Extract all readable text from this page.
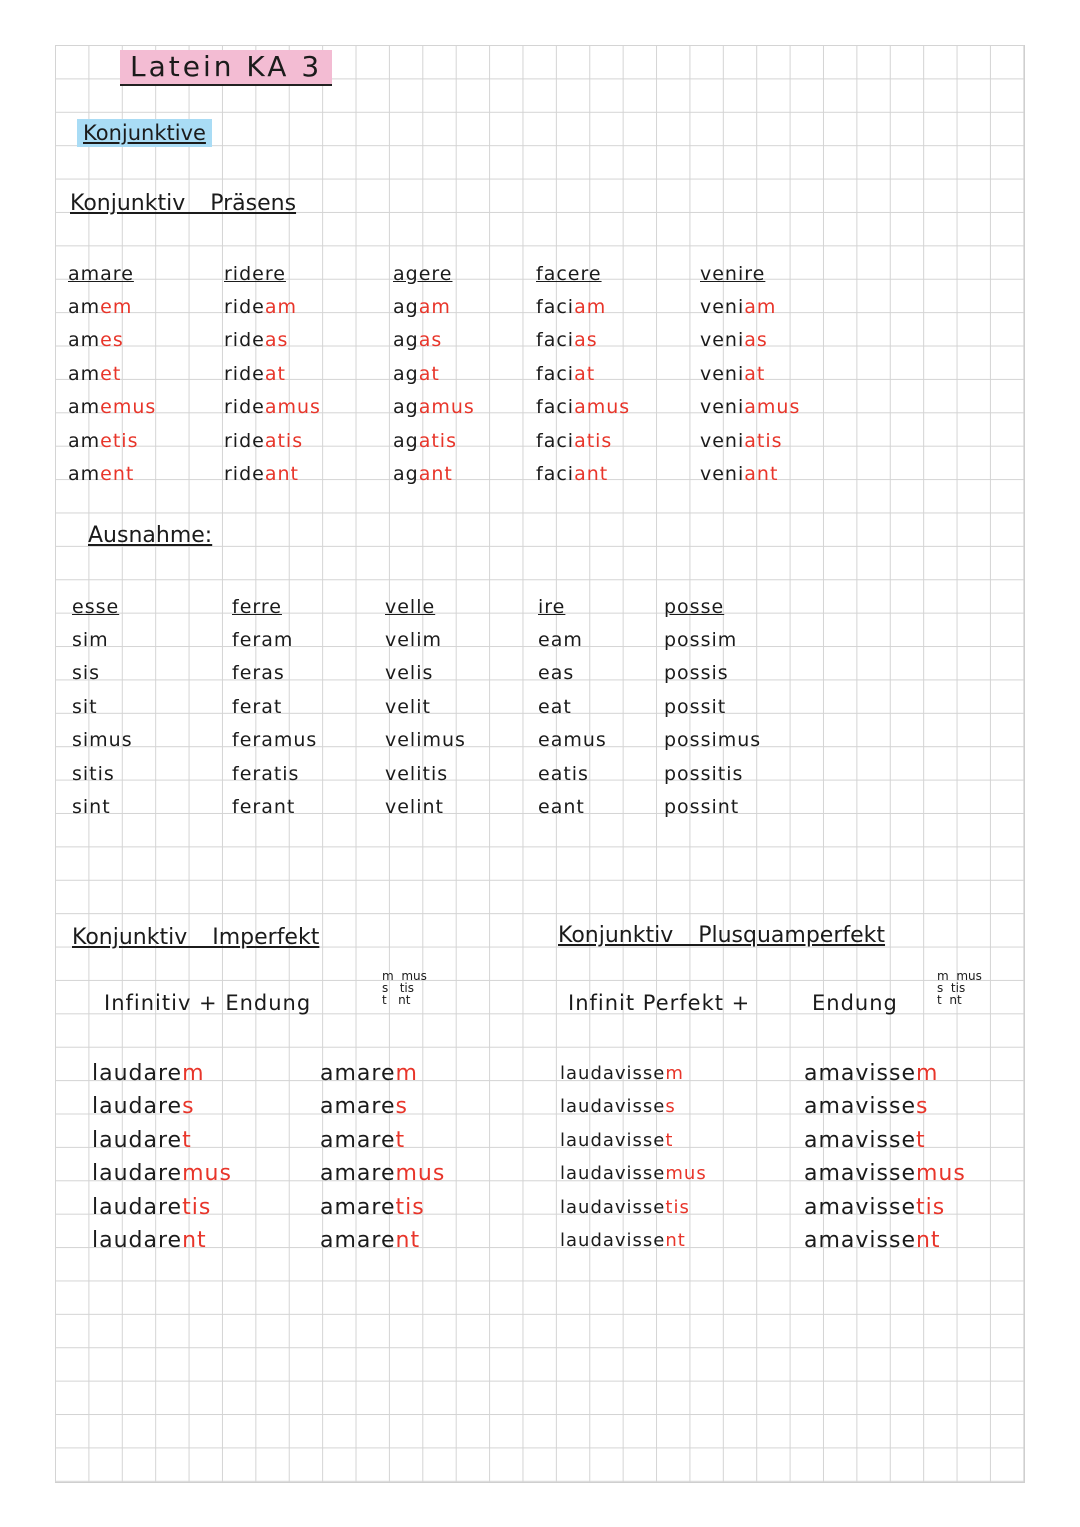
Latein KA 3
Konjunktive
Konjunktiv Präsens
amare
amem
ames
amet
amemus
ametis
ament
ridere
rideam
rideas
rideat
rideamus
rideatis
rideant
agere
agam
agas
agat
agamus
agatis
agant
facere
faciam
facias
faciat
faciamus
faciatis
faciant
venire
veniam
venias
veniat
veniamus
veniatis
veniant
Ausnahme:
esse
sim
sis
sit
simus
sitis
sint
ferre
feram
feras
ferat
feramus
feratis
ferant
velle
velim
velis
velit
velimus
velitis
velint
ire
eam
eas
eat
eamus
eatis
eant
posse
possim
possis
possit
possimus
possitis
possint
Konjunktiv Imperfekt
Infinitiv + Endung
m mus
s tis
t nt
laudarem
laudares
laudaret
laudaremus
laudaretis
laudarent
amarem
amares
amaret
amaremus
amaretis
amarent
Konjunktiv Plusquamperfekt
Infinit Perfekt +	Endung
m mus
s tis
t nt
laudavissem
laudavisses
laudavisset
laudavissemus
laudavissetis
laudavissent
amavissem
amavisses
amavisset
amavissemus
amavissetis
amavissent
